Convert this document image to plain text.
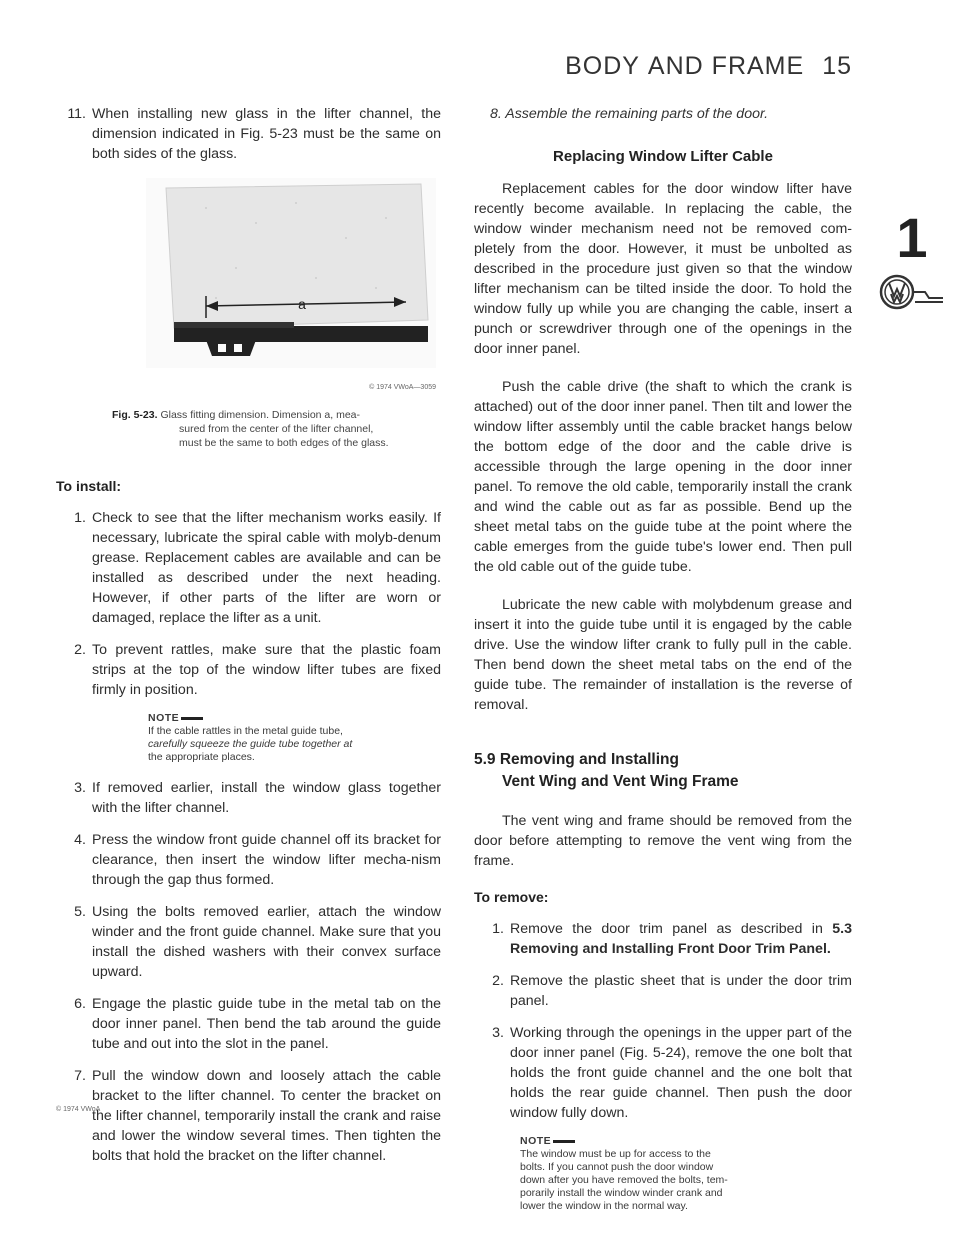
BODY AND FRAME 15
1
11. When installing new glass in the lifter channel, the dimension indicated in Fig. 5-23 must be the same on both sides of the glass.
a
© 1974 VWoA—3059
Fig. 5-23. Glass fitting dimension. Dimension a, mea-
sured from the center of the lifter channel,
must be the same to both edges of the glass.
To install:
1. Check to see that the lifter mechanism works easily. If necessary, lubricate the spiral cable with molyb-denum grease. Replacement cables are available and can be installed as described under the next heading. However, if other parts of the lifter are worn or damaged, replace the lifter as a unit.
2. To prevent rattles, make sure that the plastic foam strips at the top of the window lifter tubes are fixed firmly in position.
NOTE
If the cable rattles in the metal guide tube,
carefully squeeze the guide tube together at
the appropriate places.
3. If removed earlier, install the window glass together with the lifter channel.
4. Press the window front guide channel off its bracket for clearance, then insert the window lifter mecha-nism through the gap thus formed.
5. Using the bolts removed earlier, attach the window winder and the front guide channel. Make sure that you install the dished washers with their convex surface upward.
6. Engage the plastic guide tube in the metal tab on the door inner panel. Then bend the tab around the guide tube and out into the slot in the panel.
7. Pull the window down and loosely attach the cable bracket to the lifter channel. To center the bracket on the lifter channel, temporarily install the crank and raise and lower the window several times. Then tighten the bolts that hold the bracket on the lifter channel.
© 1974 VWoA
8. Assemble the remaining parts of the door.
Replacing Window Lifter Cable

Replacement cables for the door window lifter have recently become available. In replacing the cable, the window winder mechanism need not be removed com-pletely from the door. However, it must be unbolted as described in the procedure just given so that the window lifter mechanism can be tilted inside the door. To hold the window fully up while you are changing the cable, insert a punch or screwdriver through one of the openings in the door inner panel.

Push the cable drive (the shaft to which the crank is attached) out of the door inner panel. Then tilt and lower the window lifter assembly until the cable bracket hangs below the bottom edge of the door and the cable drive is accessible through the large opening in the door inner panel. To remove the old cable, temporarily install the crank and wind the cable out as far as possible. Bend up the sheet metal tabs on the guide tube at the point where the cable emerges from the guide tube's lower end. Then pull the old cable out of the guide tube.

Lubricate the new cable with molybdenum grease and insert it into the guide tube until it is engaged by the cable drive. Use the window lifter crank to fully pull in the cable. Then bend down the sheet metal tabs on the end of the guide tube. The remainder of installation is the reverse of removal.

5.9 Removing and Installing
Vent Wing and Vent Wing Frame

The vent wing and frame should be removed from the door before attempting to remove the vent wing from the frame.

To remove:
1. Remove the door trim panel as described in 5.3 Removing and Installing Front Door Trim Panel.
2. Remove the plastic sheet that is under the door trim panel.
3. Working through the openings in the upper part of the door inner panel (Fig. 5-24), remove the one bolt that holds the front guide channel and the one bolt that holds the rear guide channel. Then push the door window fully down.
NOTE
The window must be up for access to the
bolts. If you cannot push the door window
down after you have removed the bolts, tem-
porarily install the window winder crank and
lower the window in the normal way.
